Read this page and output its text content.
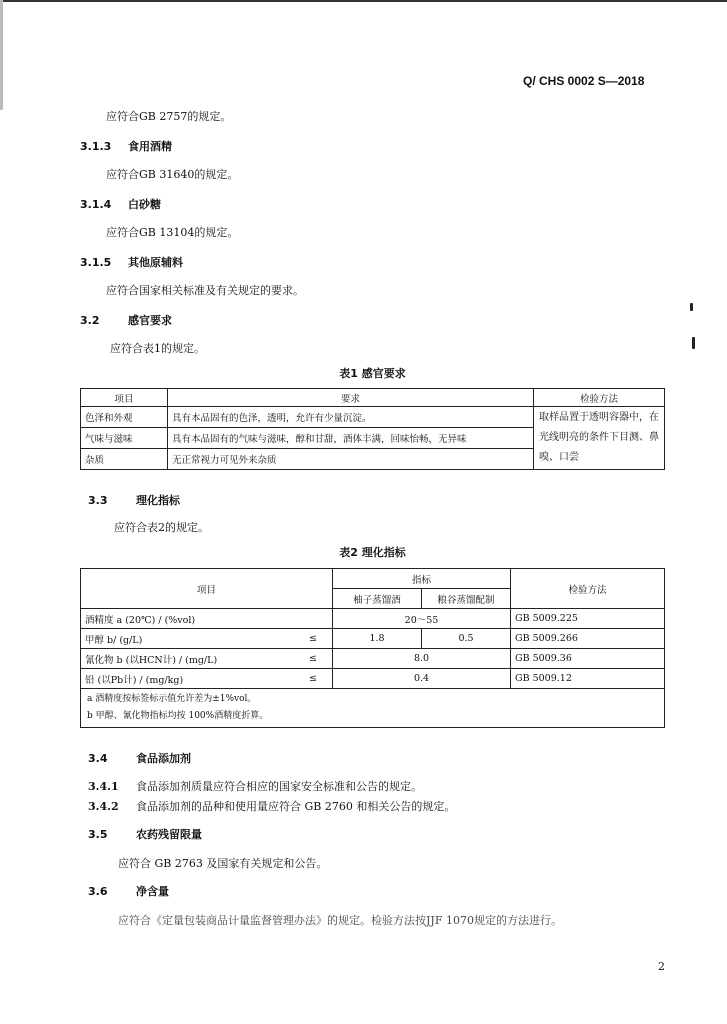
Q/ CHS 0002 S—2018
应符合GB 2757的规定。
3.1.3 食用酒精
应符合GB 31640的规定。
3.1.4 白砂糖
应符合GB 13104的规定。
3.1.5 其他原辅料
应符合国家相关标准及有关规定的要求。
3.2	感官要求
应符合表1的规定。
表1 感官要求
项目	要求	检验方法
色泽和外观	具有本品固有的色泽，透明，允许有少量沉淀。	取样品置于透明容器中，在光线明亮的条件下目测、鼻嗅、口尝
气味与滋味	具有本品固有的气味与滋味，醇和甘甜，酒体丰满，回味怡畅，无异味	
杂质	无正常视力可见外来杂质	
3.3	理化指标
应符合表2的规定。
表2 理化指标
项目		指标		检验方法
		柚子蒸馏酒	粮谷蒸馏配制	
酒精度 a (20℃) / (%vol)		20～55		GB 5009.225
甲醇 b/ (g/L)	≤	1.8	0.5	GB 5009.266
氰化物 b (以HCN计) / (mg/L)	≤	8.0		GB 5009.36
铅 (以Pb计) / (mg/kg)	≤	0.4		GB 5009.12

a 酒精度按标签标示值允许差为±1%vol。
b 甲醇、氰化物指标均按 100%酒精度折算。				
3.4	食品添加剂
3.4.1 食品添加剂质量应符合相应的国家安全标准和公告的规定。
3.4.2 食品添加剂的品种和使用量应符合 GB 2760 和相关公告的规定。
3.5	农药残留限量
应符合 GB 2763 及国家有关规定和公告。
3.6	净含量
应符合《定量包装商品计量监督管理办法》的规定。检验方法按JJF 1070规定的方法进行。
2
